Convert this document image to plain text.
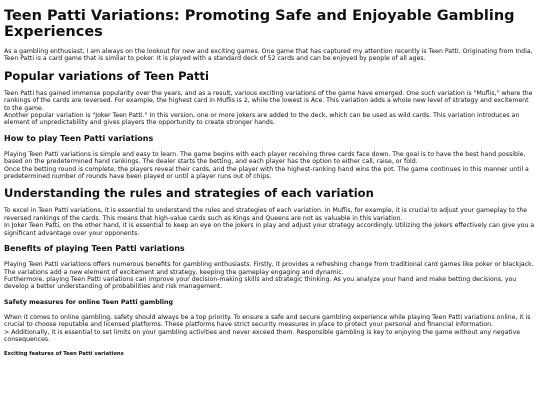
Teen Patti Variations: Promoting Safe and Enjoyable Gambling Experiences

As a gambling enthusiast, I am always on the lookout for new and exciting games. One game that has captured my attention recently is Teen Patti. Originating from India, Teen Patti is a card game that is similar to poker. It is played with a standard deck of 52 cards and can be enjoyed by people of all ages.

Popular variations of Teen Patti

Teen Patti has gained immense popularity over the years, and as a result, various exciting variations of the game have emerged. One such variation is "Muflis," where the rankings of the cards are reversed. For example, the highest card in Muflis is 2, while the lowest is Ace. This variation adds a whole new level of strategy and excitement to the game.
Another popular variation is "Joker Teen Patti." In this version, one or more jokers are added to the deck, which can be used as wild cards. This variation introduces an element of unpredictability and gives players the opportunity to create stronger hands.

How to play Teen Patti variations

Playing Teen Patti variations is simple and easy to learn. The game begins with each player receiving three cards face down. The goal is to have the best hand possible, based on the predetermined hand rankings. The dealer starts the betting, and each player has the option to either call, raise, or fold.
Once the betting round is complete, the players reveal their cards, and the player with the highest-ranking hand wins the pot. The game continues in this manner until a predetermined number of rounds have been played or until a player runs out of chips.

Understanding the rules and strategies of each variation

To excel in Teen Patti variations, it is essential to understand the rules and strategies of each variation. In Muflis, for example, it is crucial to adjust your gameplay to the reversed rankings of the cards. This means that high-value cards such as Kings and Queens are not as valuable in this variation.
In Joker Teen Patti, on the other hand, it is essential to keep an eye on the jokers in play and adjust your strategy accordingly. Utilizing the jokers effectively can give you a significant advantage over your opponents.

Benefits of playing Teen Patti variations

Playing Teen Patti variations offers numerous benefits for gambling enthusiasts. Firstly, it provides a refreshing change from traditional card games like poker or blackjack. The variations add a new element of excitement and strategy, keeping the gameplay engaging and dynamic.
Furthermore, playing Teen Patti variations can improve your decision-making skills and strategic thinking. As you analyze your hand and make betting decisions, you develop a better understanding of probabilities and risk management.

Safety measures for online Teen Patti gambling

When it comes to online gambling, safety should always be a top priority. To ensure a safe and secure gambling experience while playing Teen Patti variations online, it is crucial to choose reputable and licensed platforms. These platforms have strict security measures in place to protect your personal and financial information.
> Additionally, it is essential to set limits on your gambling activities and never exceed them. Responsible gambling is key to enjoying the game without any negative consequences.

Exciting features of Teen Patti variations
